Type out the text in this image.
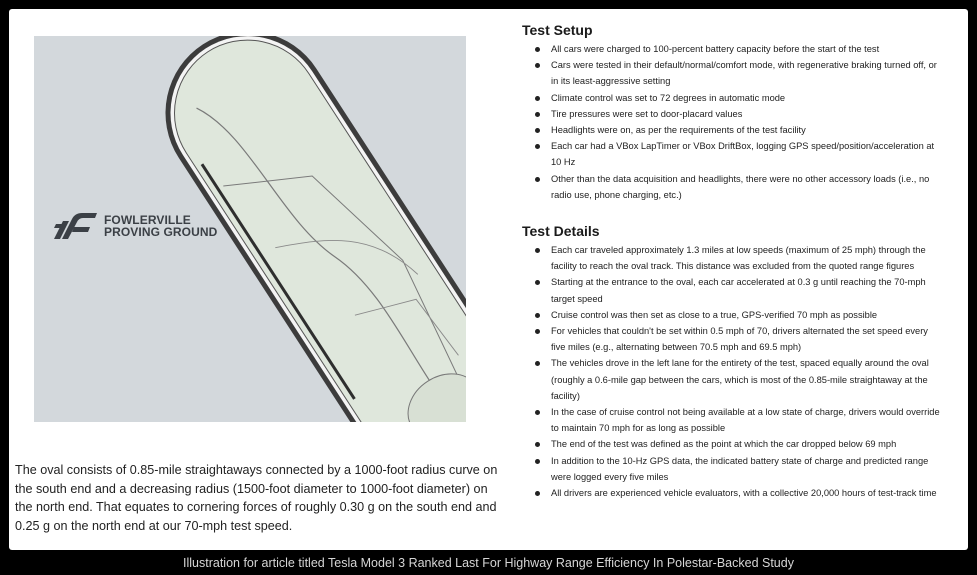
FOWLERVILLE
PROVING GROUND
The oval consists of 0.85-mile straightaways connected by a 1000-foot radius curve on the south end and a decreasing radius (1500-foot diameter to 1000-foot diameter) on the north end. That equates to cornering forces of roughly 0.30 g on the south end and 0.25 g on the north end at our 70-mph test speed.
Test Setup
All cars were charged to 100-percent battery capacity before the start of the test
Cars were tested in their default/normal/comfort mode, with regenerative braking turned off, or in its least-aggressive setting
Climate control was set to 72 degrees in automatic mode
Tire pressures were set to door-placard values
Headlights were on, as per the requirements of the test facility
Each car had a VBox LapTimer or VBox DriftBox, logging GPS speed/position/acceleration at 10 Hz
Other than the data acquisition and headlights, there were no other accessory loads (i.e., no radio use, phone charging, etc.)
Test Details
Each car traveled approximately 1.3 miles at low speeds (maximum of 25 mph) through the facility to reach the oval track. This distance was excluded from the quoted range figures
Starting at the entrance to the oval, each car accelerated at 0.3 g until reaching the 70-mph target speed
Cruise control was then set as close to a true, GPS-verified 70 mph as possible
For vehicles that couldn't be set within 0.5 mph of 70, drivers alternated the set speed every five miles (e.g., alternating between 70.5 mph and 69.5 mph)
The vehicles drove in the left lane for the entirety of the test, spaced equally around the oval (roughly a 0.6-mile gap between the cars, which is most of the 0.85-mile straightaway at the facility)
In the case of cruise control not being available at a low state of charge, drivers would override to maintain 70 mph for as long as possible
The end of the test was defined as the point at which the car dropped below 69 mph
In addition to the 10-Hz GPS data, the indicated battery state of charge and predicted range were logged every five miles
All drivers are experienced vehicle evaluators, with a collective 20,000 hours of test-track time
Illustration for article titled Tesla Model 3 Ranked Last For Highway Range Efficiency In Polestar-Backed Study
